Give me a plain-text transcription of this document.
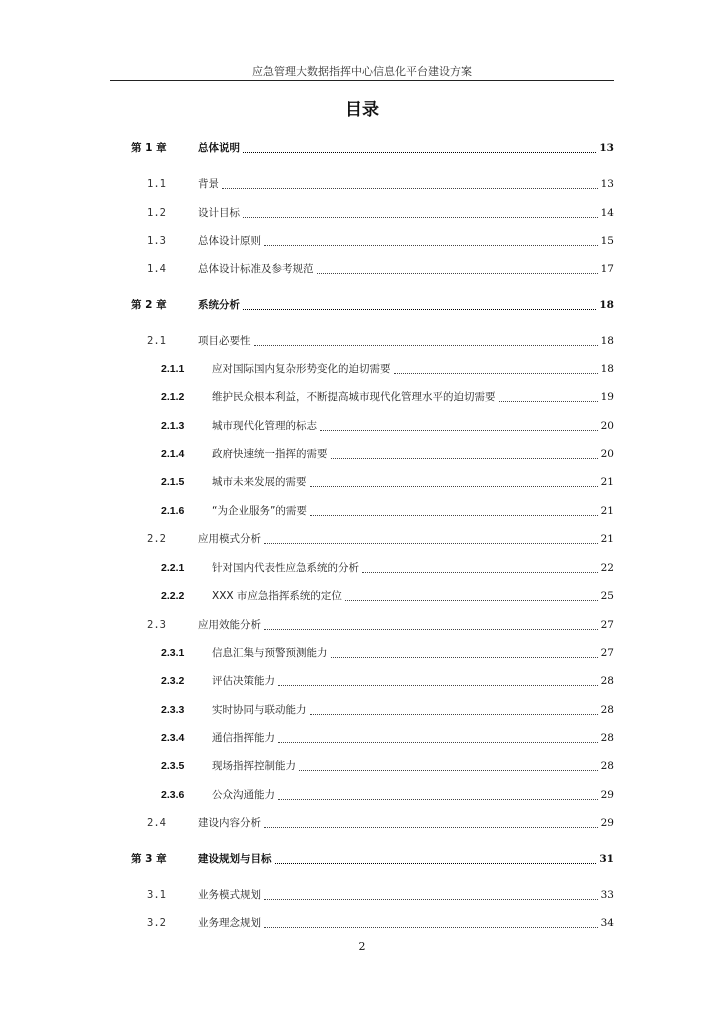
应急管理大数据指挥中心信息化平台建设方案
目录
第 1 章	总体说明	13
1.1	背景	13
1.2	设计目标	14
1.3	总体设计原则	15
1.4	总体设计标准及参考规范	17
第 2 章	系统分析	18
2.1	项目必要性	18
2.1.1	应对国际国内复杂形势变化的迫切需要	18
2.1.2	维护民众根本利益，不断提高城市现代化管理水平的迫切需要	19
2.1.3	城市现代化管理的标志	20
2.1.4	政府快速统一指挥的需要	20
2.1.5	城市未来发展的需要	21
2.1.6	“为企业服务”的需要	21
2.2	应用模式分析	21
2.2.1	针对国内代表性应急系统的分析	22
2.2.2	XXX 市应急指挥系统的定位	25
2.3	应用效能分析	27
2.3.1	信息汇集与预警预测能力	27
2.3.2	评估决策能力	28
2.3.3	实时协同与联动能力	28
2.3.4	通信指挥能力	28
2.3.5	现场指挥控制能力	28
2.3.6	公众沟通能力	29
2.4	建设内容分析	29
第 3 章	建设规划与目标	31
3.1	业务模式规划	33
3.2	业务理念规划	34
2
